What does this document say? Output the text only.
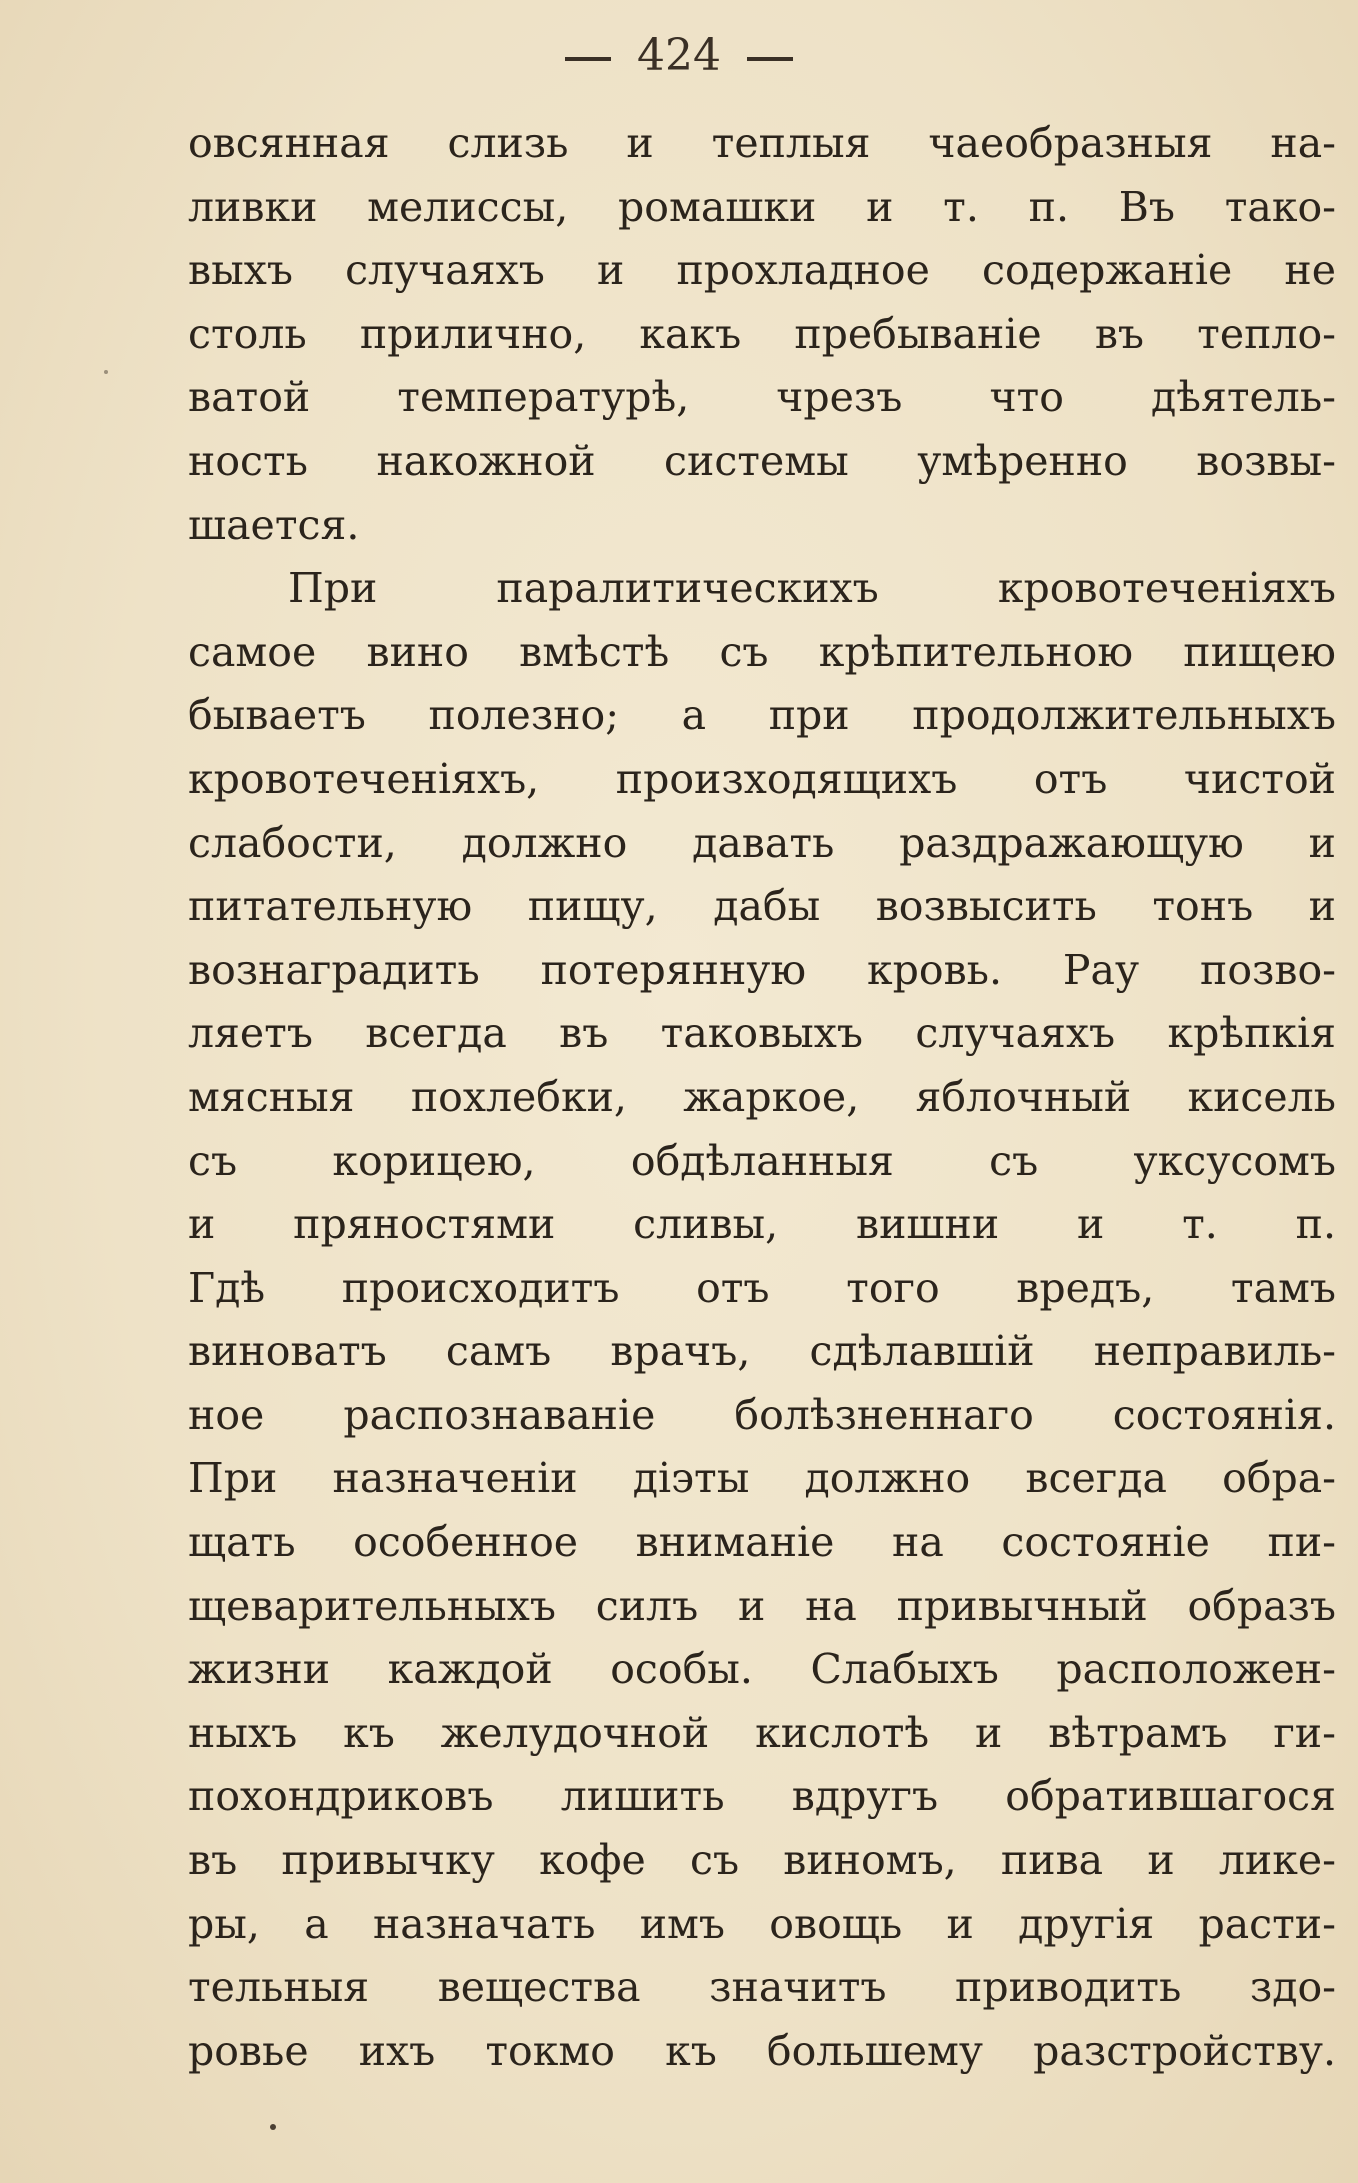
424
овсянная слизь и теплыя чаеобразныя на-
ливки мелиссы, ромашки и т. п. Въ тако-
выхъ случаяхъ и прохладное содержанie не
столь прилично, какъ пребыванie въ тепло-
ватой температурѣ, чрезъ что дѣятель-
ность накожной системы умѣренно возвы-
шается.
При паралитическихъ кровотеченiяхъ
самое вино вмѣстѣ съ крѣпительною пищею
бываетъ полезно; а при продолжительныхъ
кровотеченiяхъ, произходящихъ отъ чистой
слабости, должно давать раздражающую и
питательную пищу, дабы возвысить тонъ и
вознаградить потерянную кровь. Рау позво-
ляетъ всегда въ таковыхъ случаяхъ крѣпкiя
мясныя похлебки, жаркое, яблочный кисель
съ корицею, обдѣланныя съ уксусомъ
и пряностями сливы, вишни и т. п.
Гдѣ происходитъ отъ того вредъ, тамъ
виноватъ самъ врачъ, сдѣлавшiй неправиль-
ное распознаванie болѣзненнаго состоянiя.
При назначенiи дiэты должно всегда обра-
щать особенное вниманie на состоянie пи-
щеварительныхъ силъ и на привычный образъ
жизни каждой особы. Слабыхъ расположен-
ныхъ къ желудочной кислотѣ и вѣтрамъ ги-
похондриковъ лишить вдругъ обратившагося
въ привычку кофе съ виномъ, пива и лике-
ры, а назначать имъ овощь и другiя расти-
тельныя вещества значитъ приводить здо-
ровье ихъ токмо къ большему разстройству.
